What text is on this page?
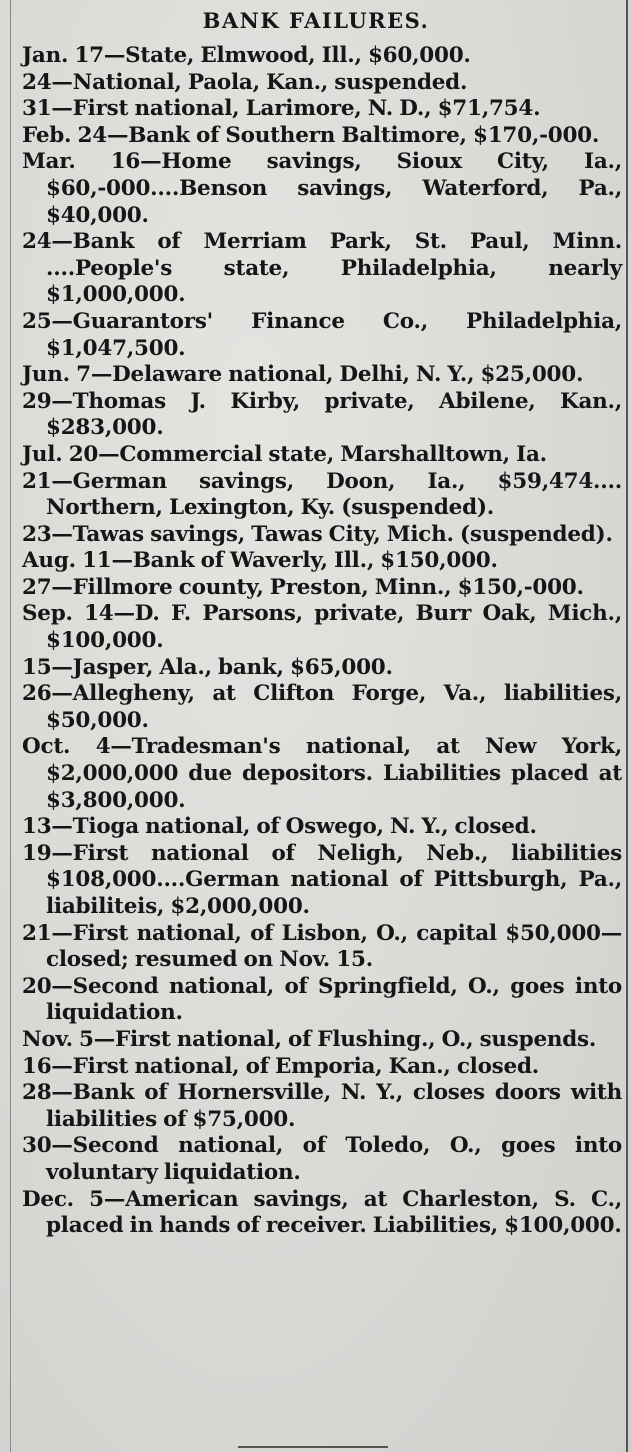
BANK FAILURES.

Jan. 17—State, Elmwood, Ill., $60,000.

24—National, Paola, Kan., suspended.

31—First national, Larimore, N. D., $71,754.

Feb. 24—Bank of Southern Baltimore, $170,-000.

Mar. 16—Home savings, Sioux City, Ia., $60,-000....Benson savings, Waterford, Pa., $40,000.

24—Bank of Merriam Park, St. Paul, Minn. ....People's state, Philadelphia, nearly $1,000,000.

25—Guarantors' Finance Co., Philadelphia, $1,047,500.

Jun. 7—Delaware national, Delhi, N. Y., $25,000.

29—Thomas J. Kirby, private, Abilene, Kan., $283,000.

Jul. 20—Commercial state, Marshalltown, Ia.

21—German savings, Doon, Ia., $59,474.... Northern, Lexington, Ky. (suspended).

23—Tawas savings, Tawas City, Mich. (suspended).

Aug. 11—Bank of Waverly, Ill., $150,000.

27—Fillmore county, Preston, Minn., $150,-000.

Sep. 14—D. F. Parsons, private, Burr Oak, Mich., $100,000.

15—Jasper, Ala., bank, $65,000.

26—Allegheny, at Clifton Forge, Va., liabilities, $50,000.

Oct. 4—Tradesman's national, at New York, $2,000,000 due depositors. Liabilities placed at $3,800,000.

13—Tioga national, of Oswego, N. Y., closed.

19—First national of Neligh, Neb., liabilities $108,000....German national of Pittsburgh, Pa., liabiliteis, $2,000,000.

21—First national, of Lisbon, O., capital $50,000—closed; resumed on Nov. 15.

20—Second national, of Springfield, O., goes into liquidation.

Nov. 5—First national, of Flushing., O., suspends.

16—First national, of Emporia, Kan., closed.

28—Bank of Hornersville, N. Y., closes doors with liabilities of $75,000.

30—Second national, of Toledo, O., goes into voluntary liquidation.

Dec. 5—American savings, at Charleston, S. C., placed in hands of receiver. Liabilities, $100,000.
